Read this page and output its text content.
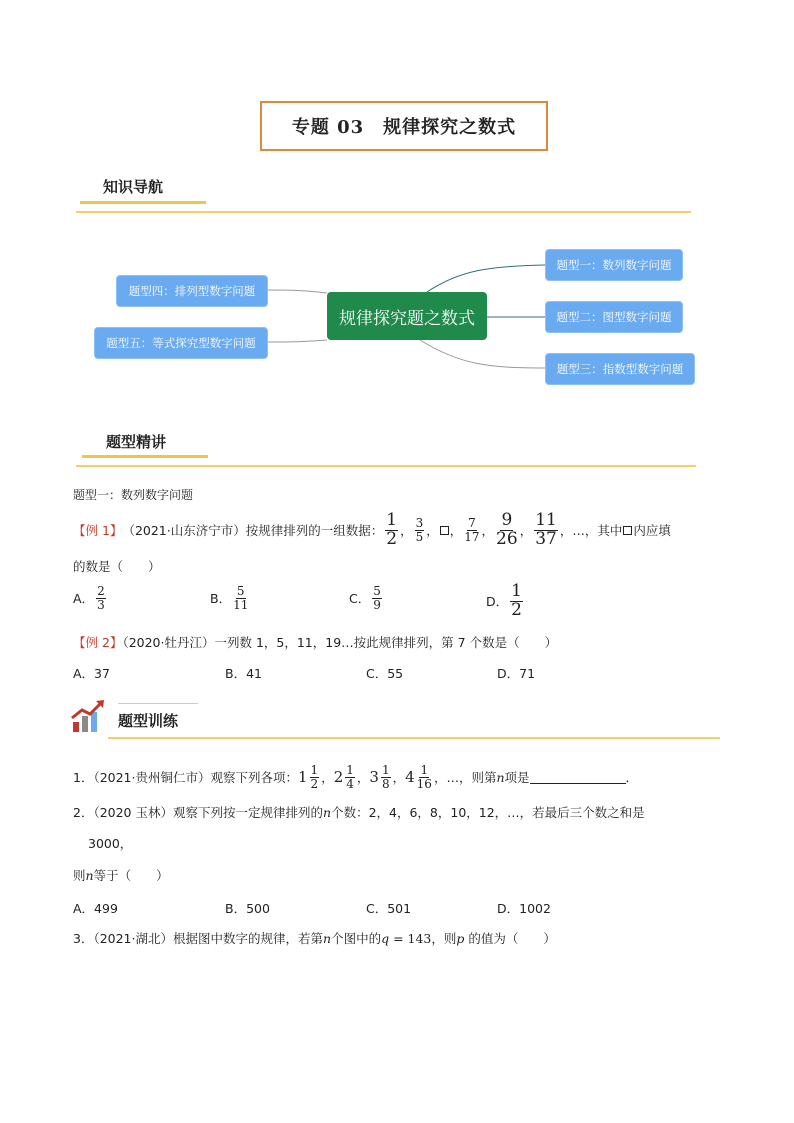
专题 03　规律探究之数式
知识导航
规律探究题之数式
题型一：数列数字问题
题型二：图型数字问题
题型三：指数型数字问题
题型四：排列型数字问题
题型五：等式探究型数字问题
题型精讲
题型一：数列数字问题
【例 1】 （2021·山东济宁市）按规律排列的一组数据： $\frac{1}{2}$ ， $\frac{3}{5}$ ， ， $\frac{7}{17}$ ， $\frac{9}{26}$ ， $\frac{11}{37}$ ，…，其中 内应填
的数是（　　）
A． $\frac{2}{3}$	B． $\frac{5}{11}$	C． $\frac{5}{9}$	D． $\frac{1}{2}$
【例 2】（2020·牡丹江）一列数 1，5，11，19…按此规律排列，第 7 个数是（　　）
A．37	B．41	C．55	D．71
题型训练
1．（2021·贵州铜仁市）观察下列各项： $1 \frac{1}{2}$ ， $2 \frac{1}{4}$ ， $3 \frac{1}{8}$ ， $4 \frac{1}{16}$ ，…，则第 n 项是	．
2．（2020 玉林）观察下列按一定规律排列的n个数：2，4，6，8，10，12，…，若最后三个数之和是
3000，
则n等于（　　）
A．499	B．500	C．501	D．1002
3．（2021·湖北）根据图中数字的规律，若第n个图中的q = 143，则p 的值为（　　）
